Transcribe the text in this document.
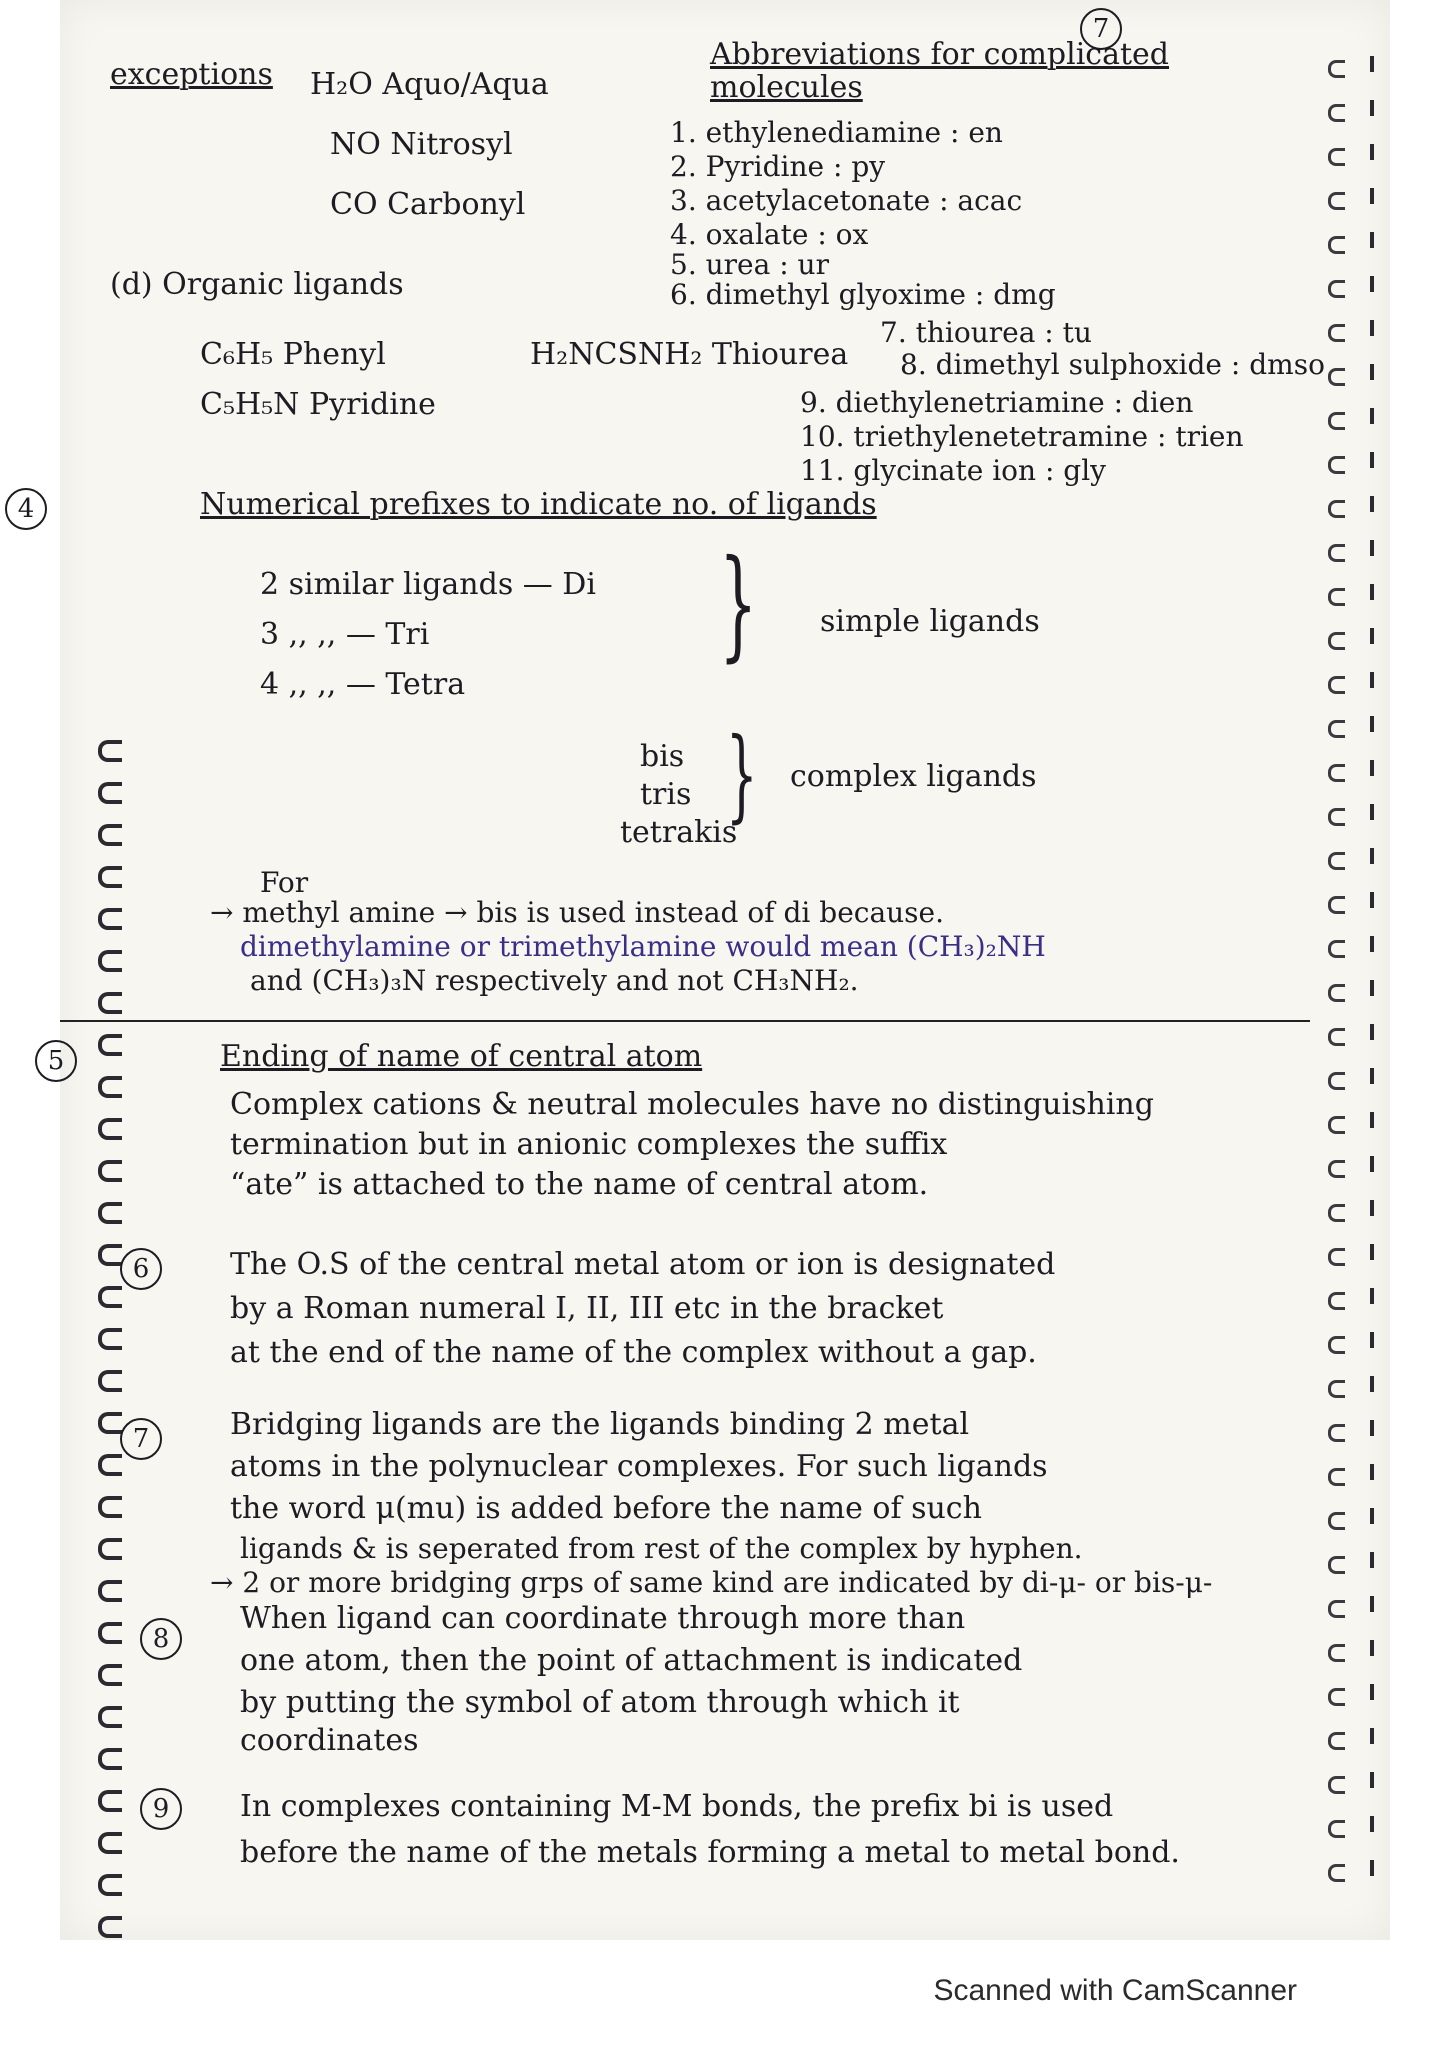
7
exceptions H₂O Aquo/Aqua
NO Nitrosyl
CO Carbonyl
Abbreviations for complicated molecules
1. ethylenediamine : en
2. Pyridine : py
3. acetylacetonate : acac
4. oxalate : ox
5. urea : ur
6. dimethyl glyoxime : dmg
7. thiourea : tu
8. dimethyl sulphoxide : dmso
9. diethylenetriamine : dien
10. triethylenetetramine : trien
11. glycinate ion : gly
(d) Organic ligands
C₆H₅ Phenyl
C₅H₅N Pyridine
H₂NCSNH₂ Thiourea
4	Numerical prefixes to indicate no. of ligands
2 similar ligands — Di
3 ,, ,, — Tri
4 ,, ,, — Tetra
} simple ligands
bis
tris
tetrakis
} complex ligands
For
→ methyl amine → bis is used instead of di because.
dimethylamine or trimethylamine would mean (CH₃)₂NH
and (CH₃)₃N respectively and not CH₃NH₂.
5	Ending of name of central atom
Complex cations & neutral molecules have no distinguishing
termination but in anionic complexes the suffix
“ate” is attached to the name of central atom.
6	The O.S of the central metal atom or ion is designated
by a Roman numeral I, II, III etc in the bracket
at the end of the name of the complex without a gap.
7	Bridging ligands are the ligands binding 2 metal
atoms in the polynuclear complexes. For such ligands
the word μ(mu) is added before the name of such
ligands & is seperated from rest of the complex by hyphen.
→ 2 or more bridging grps of same kind are indicated by di-μ- or bis-μ-
8
When ligand can coordinate through more than
one atom, then the point of attachment is indicated
by putting the symbol of atom through which it
coordinates
9	In complexes containing M-M bonds, the prefix bi is used
before the name of the metals forming a metal to metal bond.
Scanned with CamScanner
